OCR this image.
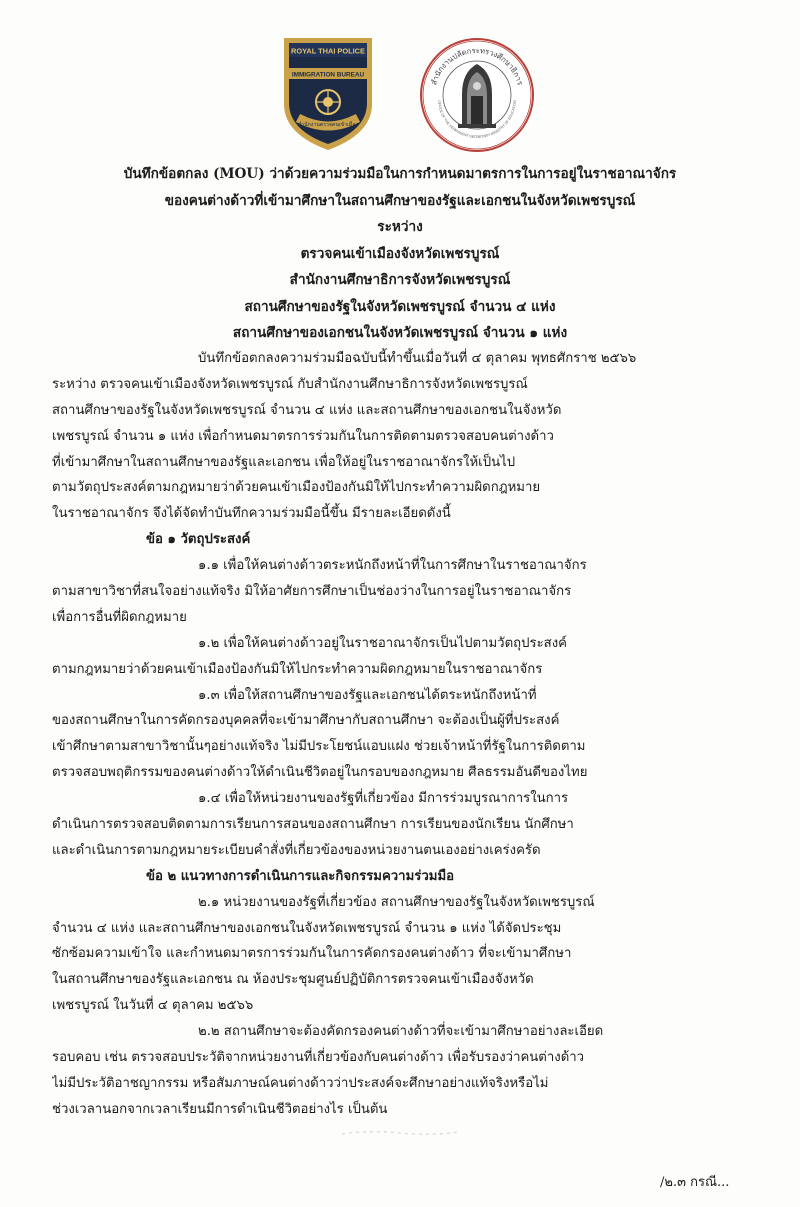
ROYAL THAI POLICE
IMMIGRATION BUREAU
สำนักงานตรวจคนเข้าเมือง
สำนักงานปลัดกระทรวงศึกษาธิการ
OFFICE OF THE PERMANENT SECRETARY MINISTRY OF EDUCATION
บันทึกข้อตกลง (MOU) ว่าด้วยความร่วมมือในการกำหนดมาตรการในการอยู่ในราชอาณาจักร
ของคนต่างด้าวที่เข้ามาศึกษาในสถานศึกษาของรัฐและเอกชนในจังหวัดเพชรบูรณ์
ระหว่าง
ตรวจคนเข้าเมืองจังหวัดเพชรบูรณ์
สำนักงานศึกษาธิการจังหวัดเพชรบูรณ์
สถานศึกษาของรัฐในจังหวัดเพชรบูรณ์ จำนวน ๔ แห่ง
สถานศึกษาของเอกชนในจังหวัดเพชรบูรณ์ จำนวน ๑ แห่ง
บันทึกข้อตกลงความร่วมมือฉบับนี้ทำขึ้นเมื่อวันที่ ๔ ตุลาคม พุทธศักราช ๒๕๖๖
ระหว่าง ตรวจคนเข้าเมืองจังหวัดเพชรบูรณ์ กับสำนักงานศึกษาธิการจังหวัดเพชรบูรณ์
สถานศึกษาของรัฐในจังหวัดเพชรบูรณ์ จำนวน ๔ แห่ง และสถานศึกษาของเอกชนในจังหวัด
เพชรบูรณ์ จำนวน ๑ แห่ง เพื่อกำหนดมาตรการร่วมกันในการติดตามตรวจสอบคนต่างด้าว
ที่เข้ามาศึกษาในสถานศึกษาของรัฐและเอกชน เพื่อให้อยู่ในราชอาณาจักรให้เป็นไป
ตามวัตถุประสงค์ตามกฎหมายว่าด้วยคนเข้าเมืองป้องกันมิให้ไปกระทำความผิดกฎหมาย
ในราชอาณาจักร จึงได้จัดทำบันทึกความร่วมมือนี้ขึ้น มีรายละเอียดดังนี้
ข้อ ๑ วัตถุประสงค์
๑.๑ เพื่อให้คนต่างด้าวตระหนักถึงหน้าที่ในการศึกษาในราชอาณาจักร
ตามสาขาวิชาที่สนใจอย่างแท้จริง มิให้อาศัยการศึกษาเป็นช่องว่างในการอยู่ในราชอาณาจักร
เพื่อการอื่นที่ผิดกฎหมาย
๑.๒ เพื่อให้คนต่างด้าวอยู่ในราชอาณาจักรเป็นไปตามวัตถุประสงค์
ตามกฎหมายว่าด้วยคนเข้าเมืองป้องกันมิให้ไปกระทำความผิดกฎหมายในราชอาณาจักร
๑.๓ เพื่อให้สถานศึกษาของรัฐและเอกชนได้ตระหนักถึงหน้าที่
ของสถานศึกษาในการคัดกรองบุคคลที่จะเข้ามาศึกษากับสถานศึกษา จะต้องเป็นผู้ที่ประสงค์
เข้าศึกษาตามสาขาวิชานั้นๆอย่างแท้จริง ไม่มีประโยชน์แอบแฝง ช่วยเจ้าหน้าที่รัฐในการติดตาม
ตรวจสอบพฤติกรรมของคนต่างด้าวให้ดำเนินชีวิตอยู่ในกรอบของกฎหมาย ศีลธรรมอันดีของไทย
๑.๔ เพื่อให้หน่วยงานของรัฐที่เกี่ยวข้อง มีการร่วมบูรณาการในการ
ดำเนินการตรวจสอบติดตามการเรียนการสอนของสถานศึกษา การเรียนของนักเรียน นักศึกษา
และดำเนินการตามกฎหมายระเบียบคำสั่งที่เกี่ยวข้องของหน่วยงานตนเองอย่างเคร่งครัด
ข้อ ๒ แนวทางการดำเนินการและกิจกรรมความร่วมมือ
๒.๑ หน่วยงานของรัฐที่เกี่ยวข้อง สถานศึกษาของรัฐในจังหวัดเพชรบูรณ์
จำนวน ๔ แห่ง และสถานศึกษาของเอกชนในจังหวัดเพชรบูรณ์ จำนวน ๑ แห่ง ได้จัดประชุม
ซักซ้อมความเข้าใจ และกำหนดมาตรการร่วมกันในการคัดกรองคนต่างด้าว ที่จะเข้ามาศึกษา
ในสถานศึกษาของรัฐและเอกชน ณ ห้องประชุมศูนย์ปฏิบัติการตรวจคนเข้าเมืองจังหวัด
เพชรบูรณ์ ในวันที่ ๔ ตุลาคม ๒๕๖๖
๒.๒ สถานศึกษาจะต้องคัดกรองคนต่างด้าวที่จะเข้ามาศึกษาอย่างละเอียด
รอบคอบ เช่น ตรวจสอบประวัติจากหน่วยงานที่เกี่ยวข้องกับคนต่างด้าว เพื่อรับรองว่าคนต่างด้าว
ไม่มีประวัติอาชญากรรม หรือสัมภาษณ์คนต่างด้าวว่าประสงค์จะศึกษาอย่างแท้จริงหรือไม่
ช่วงเวลานอกจากเวลาเรียนมีการดำเนินชีวิตอย่างไร เป็นต้น
/๒.๓ กรณี...
